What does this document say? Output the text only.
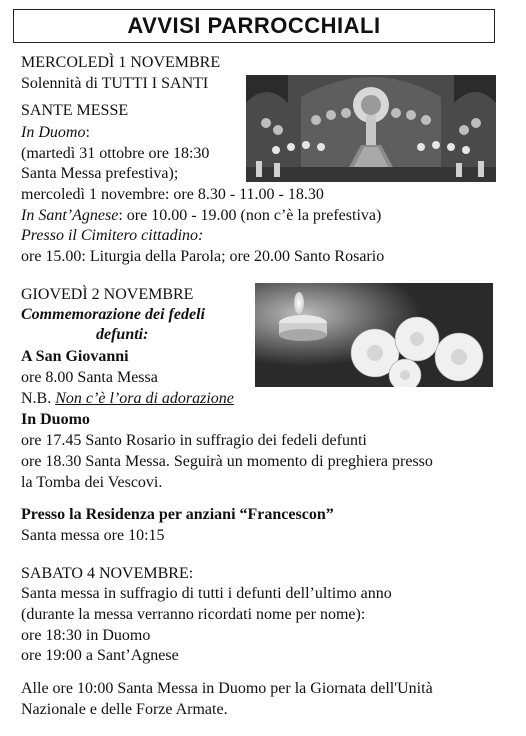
AVVISI PARROCCHIALI
MERCOLEDÌ 1 NOVEMBRE
Solennità di TUTTI I SANTI
SANTE MESSE
In Duomo:
(martedì 31 ottobre ore 18:30
Santa Messa prefestiva);
mercoledì 1 novembre: ore 8.30 - 11.00 - 18.30
In Sant’Agnese: ore 10.00 - 19.00 (non c’è la prefestiva)
Presso il Cimitero cittadino:
ore 15.00: Liturgia della Parola; ore 20.00 Santo Rosario
GIOVEDÌ 2 NOVEMBRE
Commemorazione dei fedeli
defunti:
A San Giovanni
ore 8.00 Santa Messa
N.B. Non c’è l’ora di adorazione
In Duomo
ore 17.45 Santo Rosario in suffragio dei fedeli defunti
ore 18.30 Santa Messa. Seguirà un momento di preghiera presso
la Tomba dei Vescovi.
Presso la Residenza per anziani “Francescon”
Santa messa ore 10:15
SABATO 4 NOVEMBRE:
Santa messa in suffragio di tutti i defunti dell’ultimo anno
(durante la messa verranno ricordati nome per nome):
ore 18:30 in Duomo
ore 19:00 a Sant’Agnese
Alle ore 10:00 Santa Messa in Duomo per la Giornata dell'Unità
Nazionale e delle Forze Armate.
